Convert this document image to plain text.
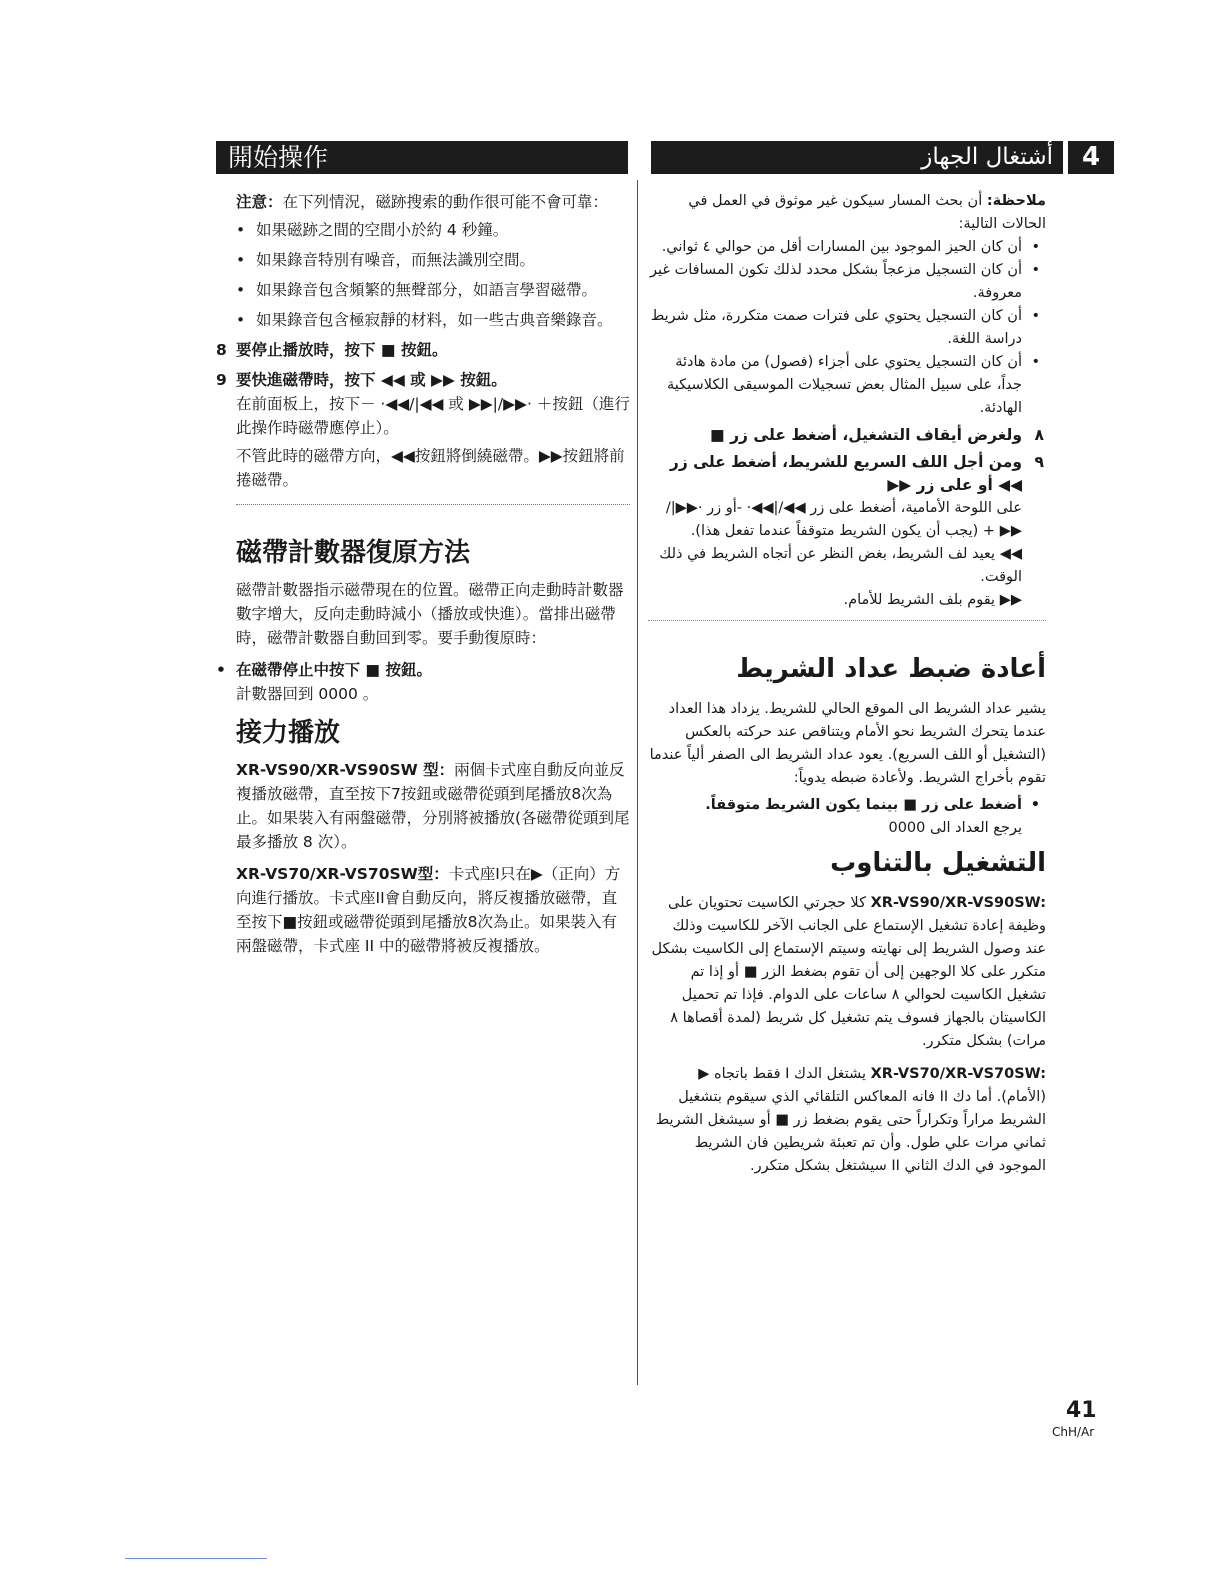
開始操作	أشتغال الجهاز	4

注意：在下列情況，磁跡搜索的動作很可能不會可靠：

• 如果磁跡之間的空間小於約 4 秒鐘。

• 如果錄音特別有噪音，而無法識別空間。

• 如果錄音包含頻繁的無聲部分，如語言學習磁帶。

• 如果錄音包含極寂靜的材料，如一些古典音樂錄音。

8 要停止播放時，按下 ■ 按鈕。

9 要快進磁帶時，按下 ◀◀ 或 ▶▶ 按鈕。

在前面板上，按下－ ·◀◀/|◀◀ 或 ▶▶|/▶▶· ＋按鈕（進行此操作時磁帶應停止）。

不管此時的磁帶方向，◀◀按鈕將倒繞磁帶。▶▶按鈕將前捲磁帶。

磁帶計數器復原方法

磁帶計數器指示磁帶現在的位置。磁帶正向走動時計數器數字增大，反向走動時減小（播放或快進）。當排出磁帶時，磁帶計數器自動回到零。要手動復原時：

• 在磁帶停止中按下 ■ 按鈕。

計數器回到 0000 。

接力播放

XR-VS90/XR-VS90SW 型：兩個卡式座自動反向並反複播放磁帶，直至按下7按鈕或磁帶從頭到尾播放8次為止。如果裝入有兩盤磁帶，分別將被播放(各磁帶從頭到尾最多播放 8 次）。

XR-VS70/XR-VS70SW型：卡式座I只在▶（正向）方向進行播放。卡式座II會自動反向，將反複播放磁帶，直至按下■按鈕或磁帶從頭到尾播放8次為止。如果裝入有兩盤磁帶，卡式座 II 中的磁帶將被反複播放。

ملاحظة: أن بحث المسار سيكون غير موثوق في العمل في الحالات التالية:

• أن كان الحيز الموجود بين المسارات أقل من حوالي ٤ ثواني.

• أن كان التسجيل مزعجاً بشكل محدد لذلك تكون المسافات غير معروفة.

• أن كان التسجيل يحتوي على فترات صمت متكررة، مثل شريط دراسة اللغة.

• أن كان التسجيل يحتوي على أجزاء (فصول) من مادة هادئة جداً، على سبيل المثال بعض تسجيلات الموسيقى الكلاسيكية الهادئة.

٨
ولغرض أيقاف التشغيل، أضغط على زر ■

٩
ومن أجل اللف السريع للشريط، أضغط على زر ◀◀ أو على زر ▶▶

على اللوحة الأمامية، أضغط على زر ◀◀/|◀◀· -أو زر ·▶▶|/▶▶ + (يجب أن يكون الشريط متوقفاً عندما تفعل هذا).

◀◀ يعيد لف الشريط، بغض النظر عن أتجاه الشريط في ذلك الوقت.

▶▶ يقوم بلف الشريط للأمام.

أعادة ضبط عداد الشريط

يشير عداد الشريط الى الموقع الحالي للشريط. يزداد هذا العداد عندما يتحرك الشريط نحو الأمام ويتناقص عند حركته بالعكس (التشغيل أو اللف السريع). يعود عداد الشريط الى الصفر ألياً عندما تقوم بأخراج الشريط. ولأعادة ضبطه يدوياً:

• أضغط على زر ■ بينما يكون الشريط متوقفاً.

يرجع العداد الى 0000

التشغيل بالتناوب

XR-VS90/XR-VS90SW: كلا حجرتي الكاسيت تحتويان على وظيفة إعادة تشغيل الإستماع على الجانب الآخر للكاسيت وذلك عند وصول الشريط إلى نهايته وسيتم الإستماع إلى الكاسيت بشكل متكرر على كلا الوجهين إلى أن تقوم بضغط الزر ■ أو إذا تم تشغيل الكاسيت لحوالي ٨ ساعات على الدوام. فإذا تم تحميل الكاسيتان بالجهاز فسوف يتم تشغيل كل شريط (لمدة أقصاها ٨ مرات) بشكل متكرر.

XR-VS70/XR-VS70SW: يشتغل الدك I فقط باتجاه ▶ (الأمام). أما دك II فانه المعاكس التلقائي الذي سيقوم بتشغيل الشريط مراراً وتكراراً حتى يقوم بضغط زر ■ أو سيشغل الشريط ثماني مرات علي طول. وأن تم تعبئة شريطين فان الشريط الموجود في الدك الثاني II سيشتغل بشكل متكرر.

41
ChH/Ar
